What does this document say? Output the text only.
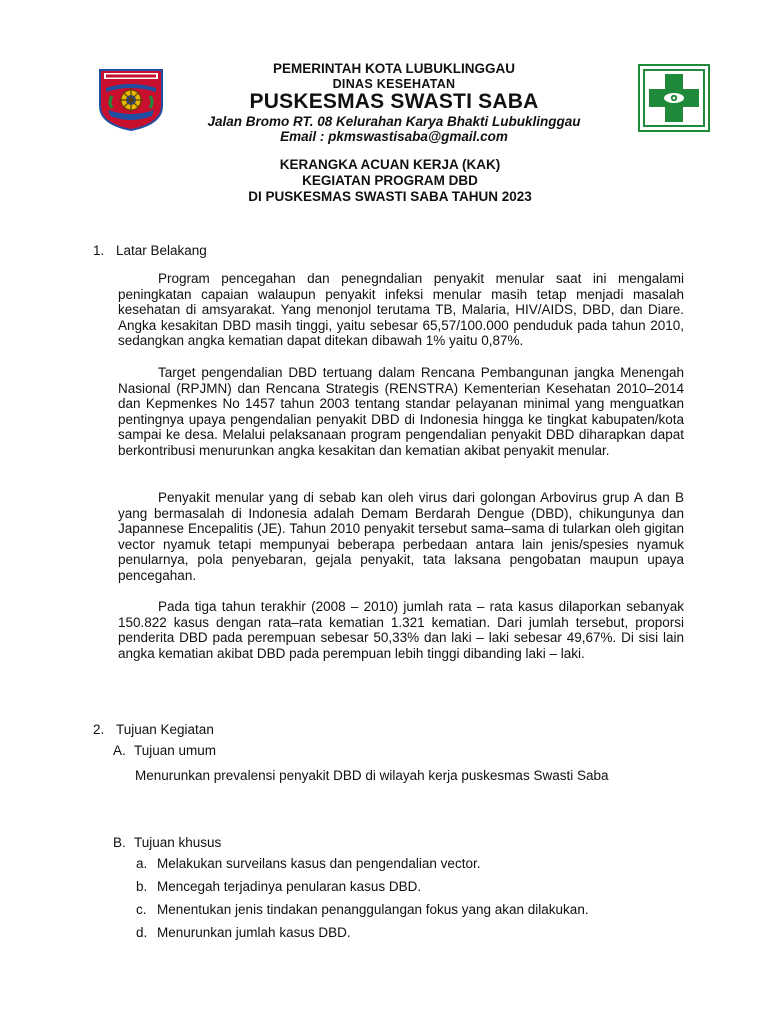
PEMERINTAH KOTA LUBUKLINGGAU
DINAS KESEHATAN
PUSKESMAS SWASTI SABA
Jalan Bromo RT. 08 Kelurahan Karya Bhakti Lubuklinggau
Email : pkmswastisaba@gmail.com
KERANGKA ACUAN KERJA (KAK)
KEGIATAN PROGRAM DBD
DI PUSKESMAS SWASTI SABA TAHUN 2023
1. Latar Belakang
Program pencegahan dan penegndalian penyakit menular saat ini mengalami peningkatan capaian walaupun penyakit infeksi menular masih tetap menjadi masalah kesehatan di amsyarakat. Yang menonjol terutama TB, Malaria, HIV/AIDS, DBD, dan Diare. Angka kesakitan DBD masih tinggi, yaitu sebesar 65,57/100.000 penduduk pada tahun 2010, sedangkan angka kematian dapat ditekan dibawah 1% yaitu 0,87%.
Target pengendalian DBD tertuang dalam Rencana Pembangunan jangka Menengah Nasional (RPJMN) dan Rencana Strategis (RENSTRA) Kementerian Kesehatan 2010–2014 dan Kepmenkes No 1457 tahun 2003 tentang standar pelayanan minimal yang menguatkan pentingnya upaya pengendalian penyakit DBD di Indonesia hingga ke tingkat kabupaten/kota sampai ke desa. Melalui pelaksanaan program pengendalian penyakit DBD diharapkan dapat berkontribusi menurunkan angka kesakitan dan kematian akibat penyakit menular.
Penyakit menular yang di sebab kan oleh virus dari golongan Arbovirus grup A dan B yang bermasalah di Indonesia adalah Demam Berdarah Dengue (DBD), chikungunya dan Japannese Encepalitis (JE). Tahun 2010 penyakit tersebut sama–sama di tularkan oleh gigitan vector nyamuk tetapi mempunyai beberapa perbedaan antara lain jenis/spesies nyamuk penularnya, pola penyebaran, gejala penyakit, tata laksana pengobatan maupun upaya pencegahan.
Pada tiga tahun terakhir (2008 – 2010) jumlah rata – rata kasus dilaporkan sebanyak 150.822 kasus dengan rata–rata kematian 1.321 kematian. Dari jumlah tersebut, proporsi penderita DBD pada perempuan sebesar 50,33% dan laki – laki sebesar 49,67%. Di sisi lain angka kematian akibat DBD pada perempuan lebih tinggi dibanding laki – laki.
2. Tujuan Kegiatan
A. Tujuan umum
Menurunkan prevalensi penyakit DBD di wilayah kerja puskesmas Swasti Saba
B. Tujuan khusus
a. Melakukan surveilans kasus dan pengendalian vector.
b. Mencegah terjadinya penularan kasus DBD.
c. Menentukan jenis tindakan penanggulangan fokus yang akan dilakukan.
d. Menurunkan jumlah kasus DBD.
